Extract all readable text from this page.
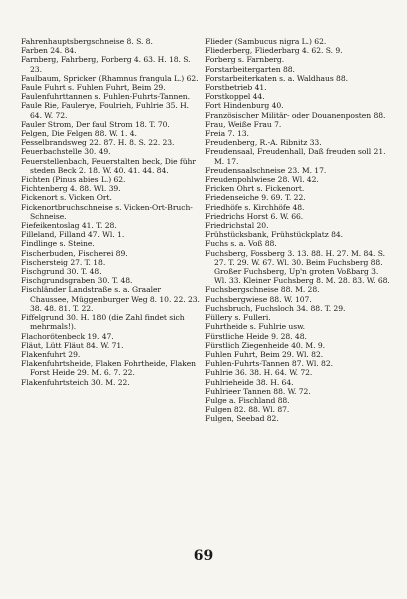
Fahrenhauptsbergschneise 8. S. 8.

Farben 24. 84.

Farnberg, Fahrberg, Forberg 4. 63. H. 18. S. 23.

Faulbaum, Spricker (Rhamnus frangula L.) 62.

Faule Fuhrt s. Fuhlen Fuhrt, Beim 29.

Faulenfuhrttannen s. Fuhlen-Fuhrts-Tannen.

Faule Rie, Faulerye, Foulrieh, Fuhlrie 35. H. 64. W. 72.

Fauler Strom, Der faul Strom 18. T. 70.

Felgen, Die Felgen 88. W. 1. 4.

Fesselbrandsweg 22. 87. H. 8. S. 22. 23.

Feuerbachstelle 30. 49.

Feuerstellenbach, Feuerstalten beck, Die führ steden Beck 2. 18. W. 40. 41. 44. 84.

Fichten (Pinus abies L.) 62.

Fichtenberg 4. 88. Wl. 39.

Fickenort s. Vicken Ort.

Fickenortbruchschneise s. Vicken-Ort-Bruch-Schneise.

Fiefeikentoslag 41. T. 28.

Filleland, Filland 47. Wl. 1.

Findlinge s. Steine.

Fischerbuden, Fischerei 89.

Fischersteig 27. T. 18.

Fischgrund 30. T. 48.

Fischgrundsgraben 30. T. 48.

Fischländer Landstraße s. a. Graaler Chaussee, Müggenburger Weg 8. 10. 22. 23. 38. 48. 81. T. 22.

Fiffelgrund 30. H. 180 (die Zahl findet sich mehrmals!).

Flachorötenbeck 19. 47.

Fläut, Lütt Fläut 84. W. 71.

Flakenfuhrt 29.

Flakenfuhrtsheide, Flaken Fohrtheide, Flaken Forst Heide 29. M. 6. 7. 22.

Flakenfuhrtsteich 30. M. 22.

Flieder (Sambucus nigra L.) 62.

Fliederberg, Fliederbarg 4. 62. S. 9.

Forberg s. Farnberg.

Forstarbeitergarten 88.

Forstarbeiterkaten s. a. Waldhaus 88.

Forstbetrieb 41.

Forstkoppel 44.

Fort Hindenburg 40.

Französischer Militär- oder Douanenposten 88.

Frau, Weiße Frau 7.

Freia 7. 13.

Freudenberg, R.-A. Ribnitz 33.

Freudensaal, Freudenhall, Daß freuden soll 21. M. 17.

Freudensaalschneise 23. M. 17.

Freudenpohlwiese 28. Wl. 42.

Fricken Ohrt s. Fickenort.

Friedenseiche 9. 69. T. 22.

Friedhöfe s. Kirchhöfe 48.

Friedrichs Horst 6. W. 66.

Friedrichstal 20.

Frühstücksbank, Frühstückplatz 84.

Fuchs s. a. Voß 88.

Fuchsberg, Fossberg 3. 13. 88. H. 27. M. 84. S. 27. T. 29. W. 67. Wl. 30. Beim Fuchsberg 88. Großer Fuchsberg, Up'n groten Voßbarg 3. Wl. 33. Kleiner Fuchsberg 8. M. 28. 83. W. 68.

Fuchsbergschneise 88. M. 28.

Fuchsbergwiese 88. W. 107.

Fuchsbruch, Fuchsloch 34. 88. T. 29.

Füllery s. Fulleri.

Fuhrtheide s. Fuhlrie usw.

Fürstliche Heide 9. 28. 48.

Fürstlich Ziegenheide 40. M. 9.

Fuhlen Fuhrt, Beim 29. Wl. 82.

Fuhlen-Fuhrts-Tannen 87. Wl. 82.

Fuhlrie 36. 38. H. 64. W. 72.

Fuhlrieheide 38. H. 64.

Fuhlrieer Tannen 88. W. 72.

Fulge a. Fischland 88.

Fulgen 82. 88. Wl. 87.

Fulgen, Seebad 82.

69
